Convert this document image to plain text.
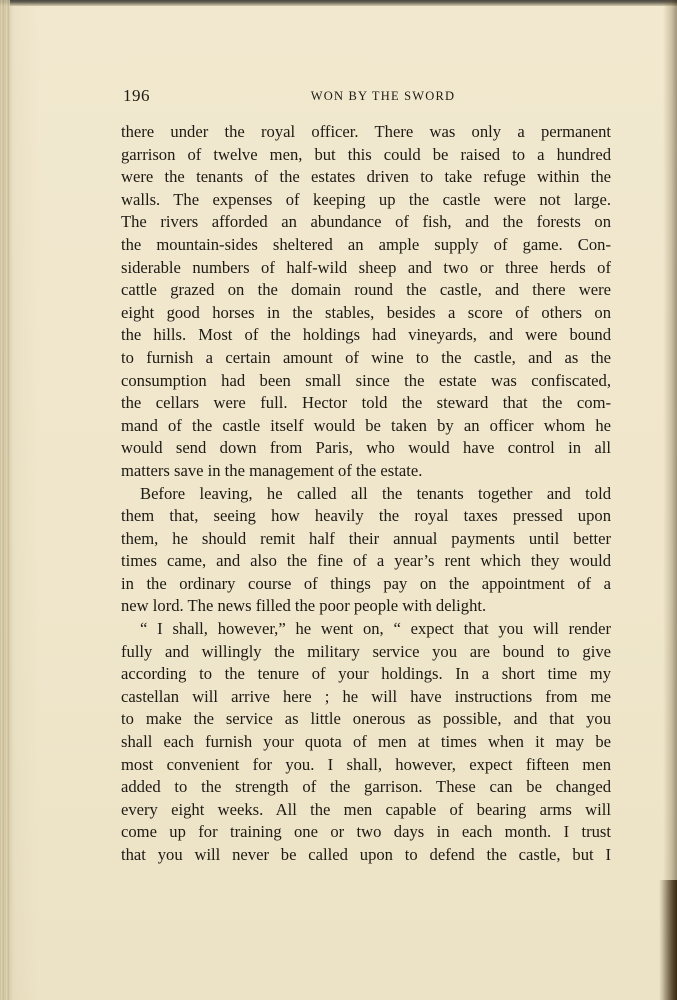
196	WON BY THE SWORD
there under the royal officer. There was only a permanent
garrison of twelve men, but this could be raised to a hundred
were the tenants of the estates driven to take refuge within the
walls. The expenses of keeping up the castle were not large.
The rivers afforded an abundance of fish, and the forests on
the mountain-sides sheltered an ample supply of game. Con-
siderable numbers of half-wild sheep and two or three herds of
cattle grazed on the domain round the castle, and there were
eight good horses in the stables, besides a score of others on
the hills. Most of the holdings had vineyards, and were bound
to furnish a certain amount of wine to the castle, and as the
consumption had been small since the estate was confiscated,
the cellars were full. Hector told the steward that the com-
mand of the castle itself would be taken by an officer whom he
would send down from Paris, who would have control in all
matters save in the management of the estate.
Before leaving, he called all the tenants together and told
them that, seeing how heavily the royal taxes pressed upon
them, he should remit half their annual payments until better
times came, and also the fine of a year’s rent which they would
in the ordinary course of things pay on the appointment of a
new lord. The news filled the poor people with delight.
“ I shall, however,” he went on, “ expect that you will render
fully and willingly the military service you are bound to give
according to the tenure of your holdings. In a short time my
castellan will arrive here ; he will have instructions from me
to make the service as little onerous as possible, and that you
shall each furnish your quota of men at times when it may be
most convenient for you. I shall, however, expect fifteen men
added to the strength of the garrison. These can be changed
every eight weeks. All the men capable of bearing arms will
come up for training one or two days in each month. I trust
that you will never be called upon to defend the castle, but I
